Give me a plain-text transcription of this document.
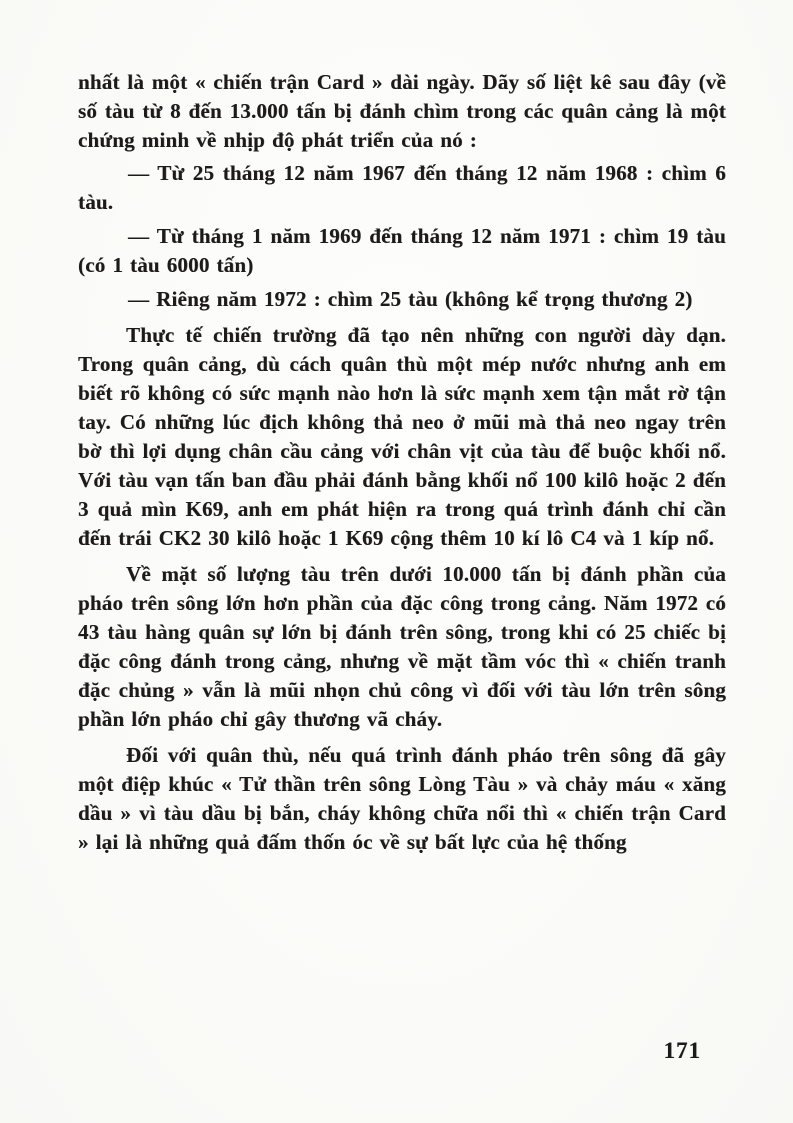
nhất là một « chiến trận Card » dài ngày. Dãy số liệt kê sau đây (về số tàu từ 8 đến 13.000 tấn bị đánh chìm trong các quân cảng là một chứng minh về nhịp độ phát triển của nó :

— Từ 25 tháng 12 năm 1967 đến tháng 12 năm 1968 : chìm 6 tàu.

— Từ tháng 1 năm 1969 đến tháng 12 năm 1971 : chìm 19 tàu (có 1 tàu 6000 tấn)

— Riêng năm 1972 : chìm 25 tàu (không kể trọng thương 2)

Thực tế chiến trường đã tạo nên những con người dày dạn. Trong quân cảng, dù cách quân thù một mép nước nhưng anh em biết rõ không có sức mạnh nào hơn là sức mạnh xem tận mắt rờ tận tay. Có những lúc địch không thả neo ở mũi mà thả neo ngay trên bờ thì lợi dụng chân cầu cảng với chân vịt của tàu để buộc khối nổ. Với tàu vạn tấn ban đầu phải đánh bằng khối nổ 100 kilô hoặc 2 đến 3 quả mìn K69, anh em phát hiện ra trong quá trình đánh chỉ cần đến trái CK2 30 kilô hoặc 1 K69 cộng thêm 10 kí lô C4 và 1 kíp nổ.

Về mặt số lượng tàu trên dưới 10.000 tấn bị đánh phần của pháo trên sông lớn hơn phần của đặc công trong cảng. Năm 1972 có 43 tàu hàng quân sự lớn bị đánh trên sông, trong khi có 25 chiếc bị đặc công đánh trong cảng, nhưng về mặt tầm vóc thì « chiến tranh đặc chủng » vẫn là mũi nhọn chủ công vì đối với tàu lớn trên sông phần lớn pháo chỉ gây thương vã cháy.

Đối với quân thù, nếu quá trình đánh pháo trên sông đã gây một điệp khúc « Tử thần trên sông Lòng Tàu » và chảy máu « xăng dầu » vì tàu dầu bị bắn, cháy không chữa nổi thì « chiến trận Card » lại là những quả đấm thốn óc về sự bất lực của hệ thống

171
